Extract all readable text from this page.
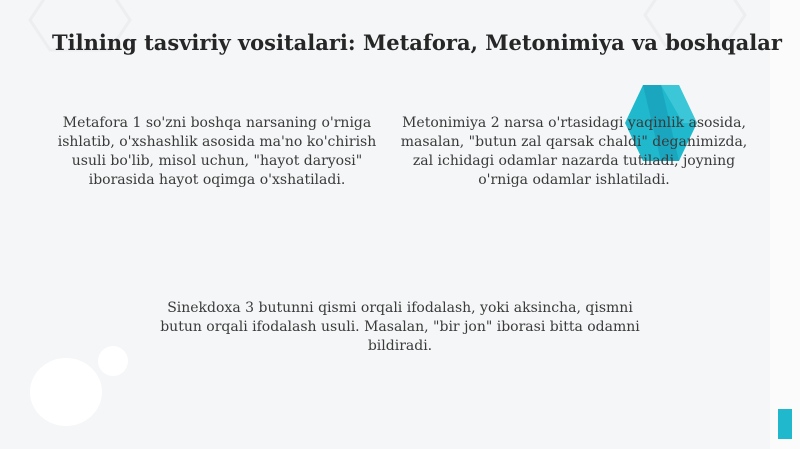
Tilning tasviriy vositalari: Metafora, Metonimiya va boshqalar

Metafora 1 so'zni boshqa narsaning o'rniga ishlatib, o'xshashlik asosida ma'no ko'chirish usuli bo'lib, misol uchun, "hayot daryosi" iborasida hayot oqimga o'xshatiladi.

Metonimiya 2 narsa o'rtasidagi yaqinlik asosida, masalan, "butun zal qarsak chaldi" deganimizda, zal ichidagi odamlar nazarda tutiladi, joyning o'rniga odamlar ishlatiladi.

Sinekdoxa 3 butunni qismi orqali ifodalash, yoki aksincha, qismni butun orqali ifodalash usuli. Masalan, "bir jon" iborasi bitta odamni bildiradi.
